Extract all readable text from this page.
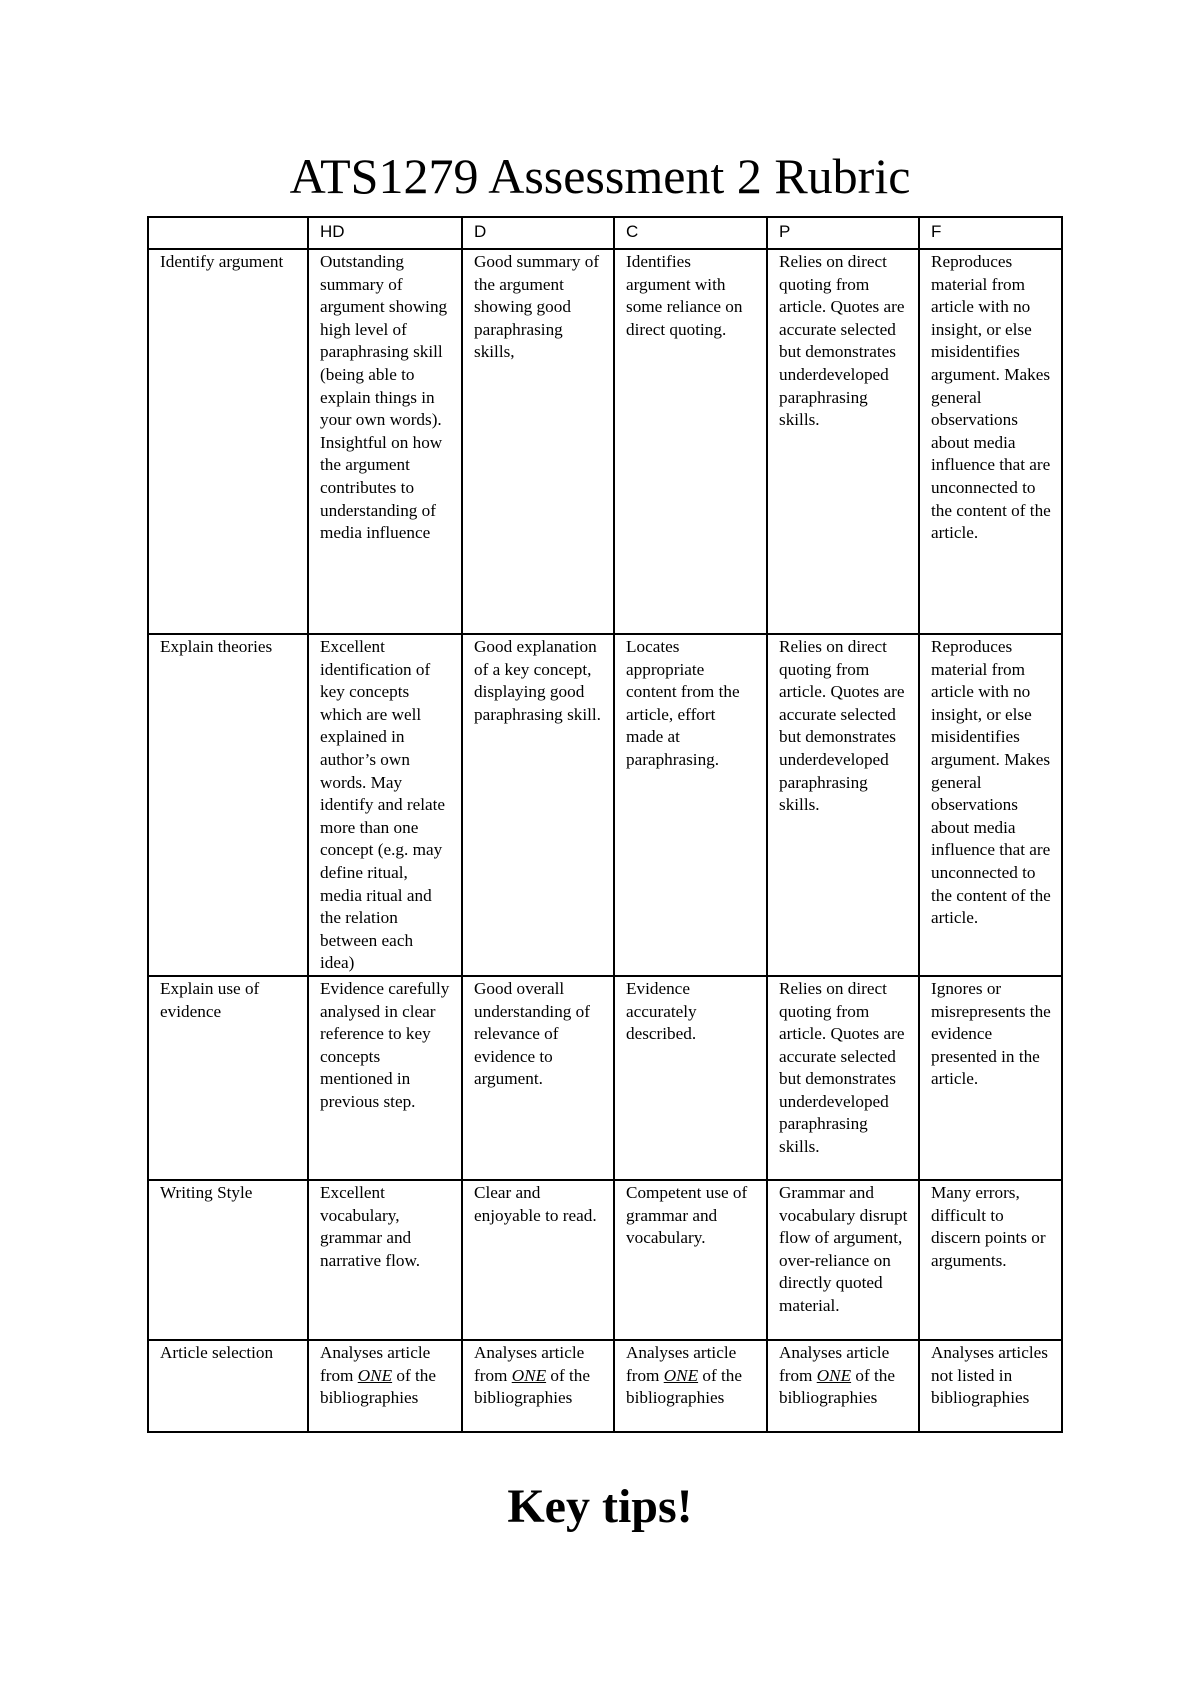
ATS1279 Assessment 2 Rubric
	HD	D	C	P	F
Identify argument	Outstanding summary of argument showing high level of paraphrasing skill (being able to explain things in your own words). Insightful on how the argument contributes to understanding of media influence	Good summary of the argument showing good paraphrasing skills,	Identifies argument with some reliance on direct quoting.	Relies on direct quoting from article. Quotes are accurate selected but demonstrates underdeveloped paraphrasing skills.	Reproduces material from article with no insight, or else misidentifies argument. Makes general observations about media influence that are unconnected to the content of the article.
Explain theories	Excellent identification of key concepts which are well explained in author’s own words. May identify and relate more than one concept (e.g. may define ritual, media ritual and the relation between each idea)	Good explanation of a key concept, displaying good paraphrasing skill.	Locates appropriate content from the article, effort made at paraphrasing.	Relies on direct quoting from article. Quotes are accurate selected but demonstrates underdeveloped paraphrasing skills.	Reproduces material from article with no insight, or else misidentifies argument. Makes general observations about media influence that are unconnected to the content of the article.
Explain use of evidence	Evidence carefully analysed in clear reference to key concepts mentioned in previous step.	Good overall understanding of relevance of evidence to argument.	Evidence accurately described.	Relies on direct quoting from article. Quotes are accurate selected but demonstrates underdeveloped paraphrasing skills.	Ignores or misrepresents the evidence presented in the article.
Writing Style	Excellent vocabulary, grammar and narrative flow.	Clear and enjoyable to read.	Competent use of grammar and vocabulary.	Grammar and vocabulary disrupt flow of argument, over-reliance on directly quoted material.	Many errors, difficult to discern points or arguments.
Article selection	Analyses article from ONE of the bibliographies	Analyses article from ONE of the bibliographies	Analyses article from ONE of the bibliographies	Analyses article from ONE of the bibliographies	Analyses articles not listed in bibliographies
Key tips!
